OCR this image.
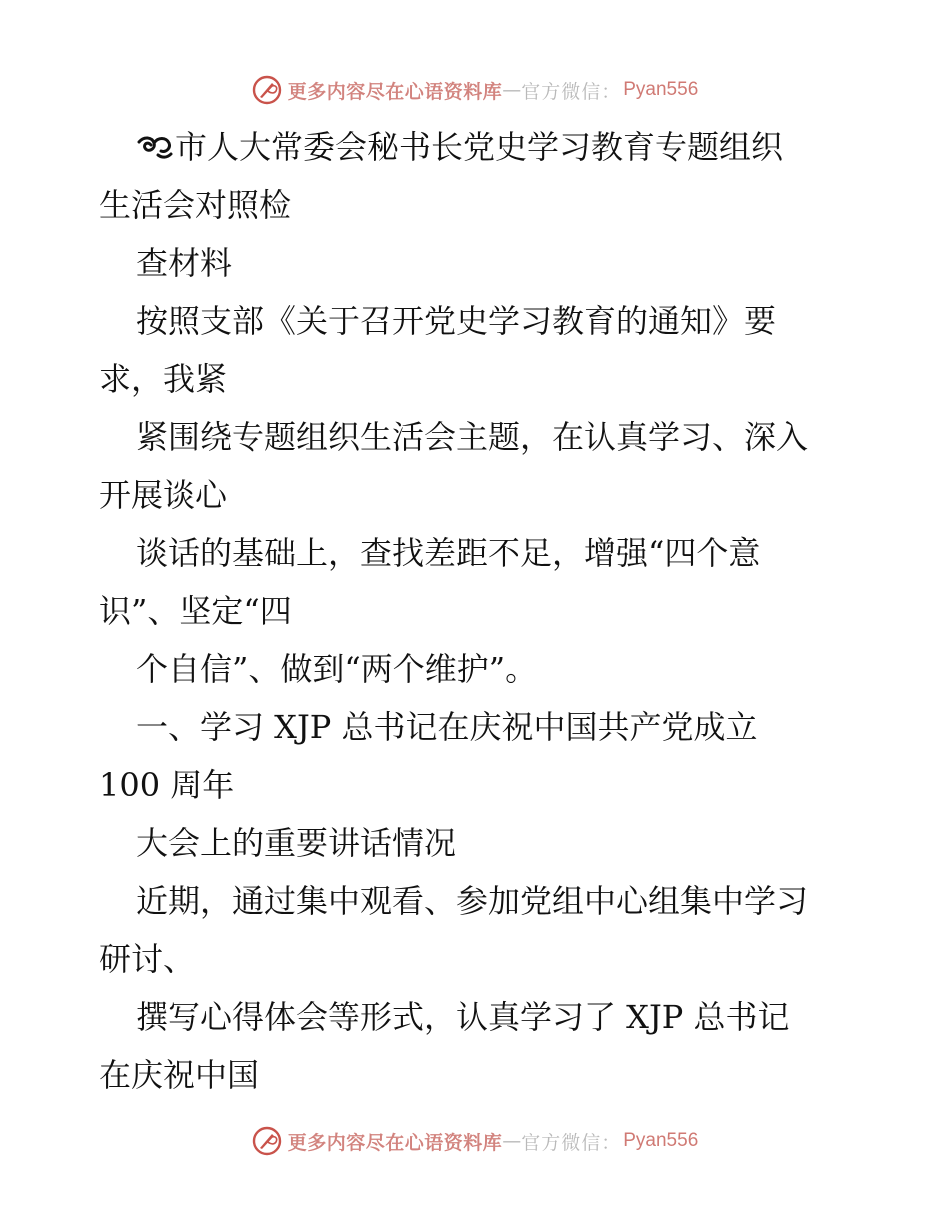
更多内容尽在心语资料库 — 官方微信： Pyan556
市人大常委会秘书长党史学习教育专题组织
生活会对照检
查材料
按照支部《关于召开党史学习教育的通知》要
求，我紧
紧围绕专题组织生活会主题，在认真学习、深入
开展谈心
谈话的基础上，查找差距不足，增强“四个意
识”、坚定“四
个自信”、做到“两个维护”。
一、学习 XJP 总书记在庆祝中国共产党成立
100 周年
大会上的重要讲话情况
近期，通过集中观看、参加党组中心组集中学习
研讨、
撰写心得体会等形式，认真学习了 XJP 总书记
在庆祝中国
更多内容尽在心语资料库 — 官方微信： Pyan556
